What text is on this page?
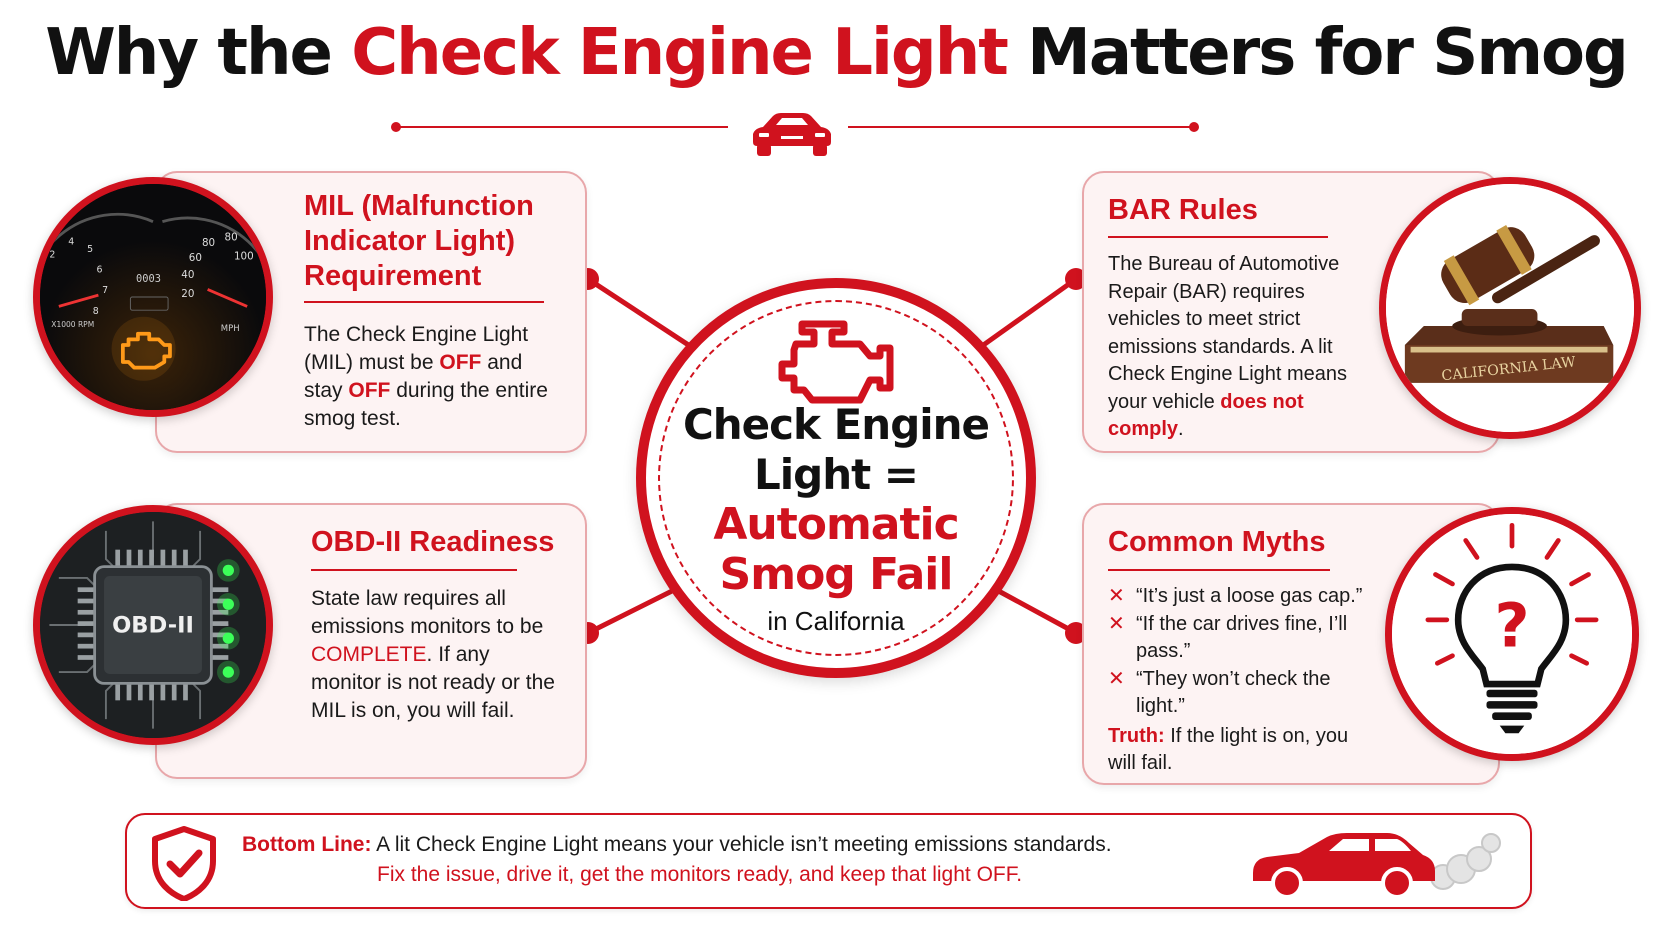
Why the Check Engine Light Matters for Smog
MIL (Malfunction
Indicator Light)
Requirement
The Check Engine Light (MIL) must be OFF and stay OFF during the entire smog test.
2
4
5
6
7
8
20
40
60
80 80
100
X1000 RPM	MPH
0003
OBD-II Readiness
State law requires all emissions monitors to be COMPLETE. If any monitor is not ready or the MIL is on, you will fail.
OBD-II
BAR Rules
The Bureau of Automotive Repair (BAR) requires vehicles to meet strict emissions standards. A lit Check Engine Light means your vehicle does not comply.
CALIFORNIA LAW
Common Myths
✕ “It’s just a loose gas cap.”
✕ “If the car drives fine, I’ll pass.”
✕ “They won’t check the light.”
Truth: If the light is on, you will fail.
?
Check Engine
Light =
Automatic
Smog Fail
in California
Bottom Line: A lit Check Engine Light means your vehicle isn’t meeting emissions standards.
Fix the issue, drive it, get the monitors ready, and keep that light OFF.
